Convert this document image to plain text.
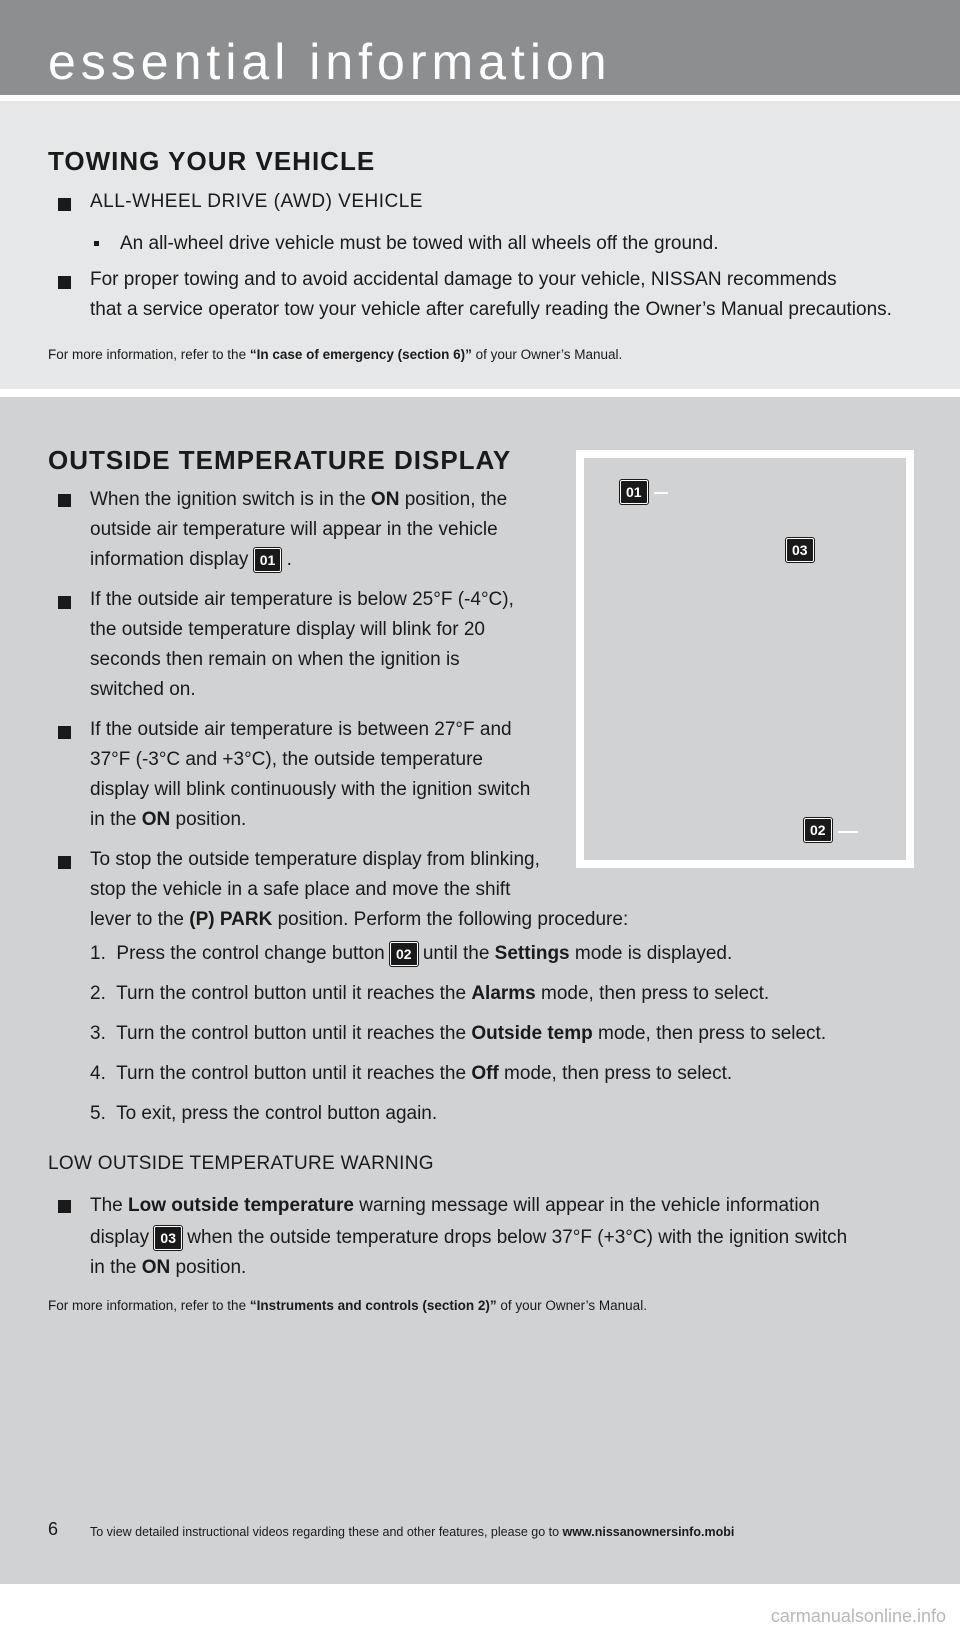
essential information
TOWING YOUR VEHICLE
ALL-WHEEL DRIVE (AWD) VEHICLE
An all-wheel drive vehicle must be towed with all wheels off the ground.
For proper towing and to avoid accidental damage to your vehicle, NISSAN recommends
that a service operator tow your vehicle after carefully reading the Owner’s Manual precautions.
For more information, refer to the “In case of emergency (section 6)” of your Owner’s Manual.
OUTSIDE TEMPERATURE DISPLAY
When the ignition switch is in the ON position, the
outside air temperature will appear in the vehicle
information display 01 .
If the outside air temperature is below 25°F (-4°C),
the outside temperature display will blink for 20
seconds then remain on when the ignition is
switched on.
If the outside air temperature is between 27°F and
37°F (-3°C and +3°C), the outside temperature
display will blink continuously with the ignition switch
in the ON position.
To stop the outside temperature display from blinking,
stop the vehicle in a safe place and move the shift
lever to the (P) PARK position. Perform the following procedure:
1. Press the control change button 02 until the Settings mode is displayed.
2. Turn the control button until it reaches the Alarms mode, then press to select.
3. Turn the control button until it reaches the Outside temp mode, then press to select.
4. Turn the control button until it reaches the Off mode, then press to select.
5. To exit, press the control button again.
LOW OUTSIDE TEMPERATURE WARNING
The Low outside temperature warning message will appear in the vehicle information
display 03 when the outside temperature drops below 37°F (+3°C) with the ignition switch
in the ON position.
For more information, refer to the “Instruments and controls (section 2)” of your Owner’s Manual.
01
03
02
6	To view detailed instructional videos regarding these and other features, please go to www.nissanownersinfo.mobi
carmanualsonline.info
